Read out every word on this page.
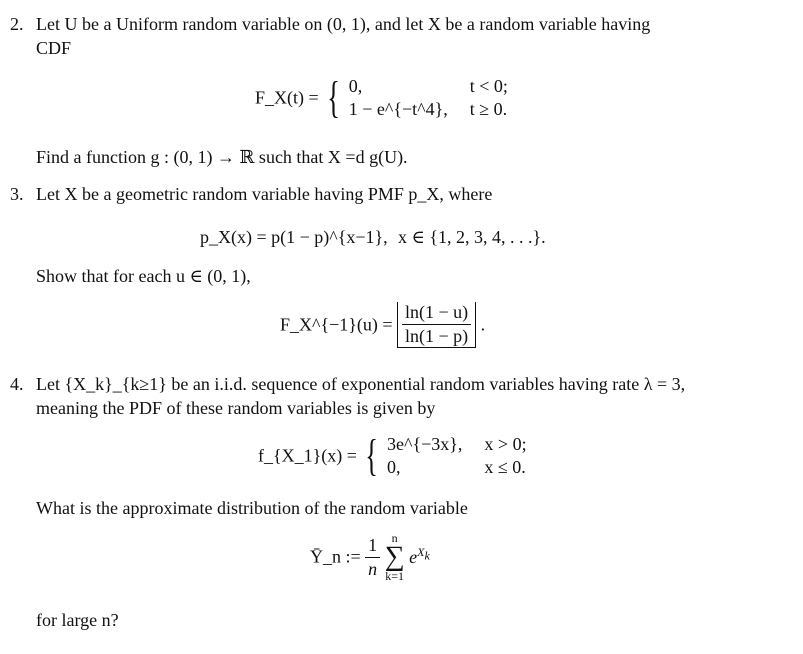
2. Let U be a Uniform random variable on (0, 1), and let X be a random variable having
CDF
F_X(t) = { 0,	t < 0;
1 − e^{−t^4}, t ≥ 0.
Find a function g : (0, 1) → ℝ such that X =d g(U).
3. Let X be a geometric random variable having PMF p_X, where
p_X(x) = p(1 − p)^{x−1}, x ∈ {1, 2, 3, 4, . . .}.
Show that for each u ∈ (0, 1),
F_X^{−1}(u) = $\frac{\ln(1 - u)}{\ln(1 - p)}$ .
4. Let {X_k}_{k≥1} be an i.i.d. sequence of exponential random variables having rate λ = 3,
meaning the PDF of these random variables is given by
f_{X_1}(x) = { 3e^{−3x}, x > 0;
0,	x ≤ 0.
What is the approximate distribution of the random variable
Ȳ_n := $\frac{1}{n}$
n
∑
k=1
$e^{X_k}$
for large n?
